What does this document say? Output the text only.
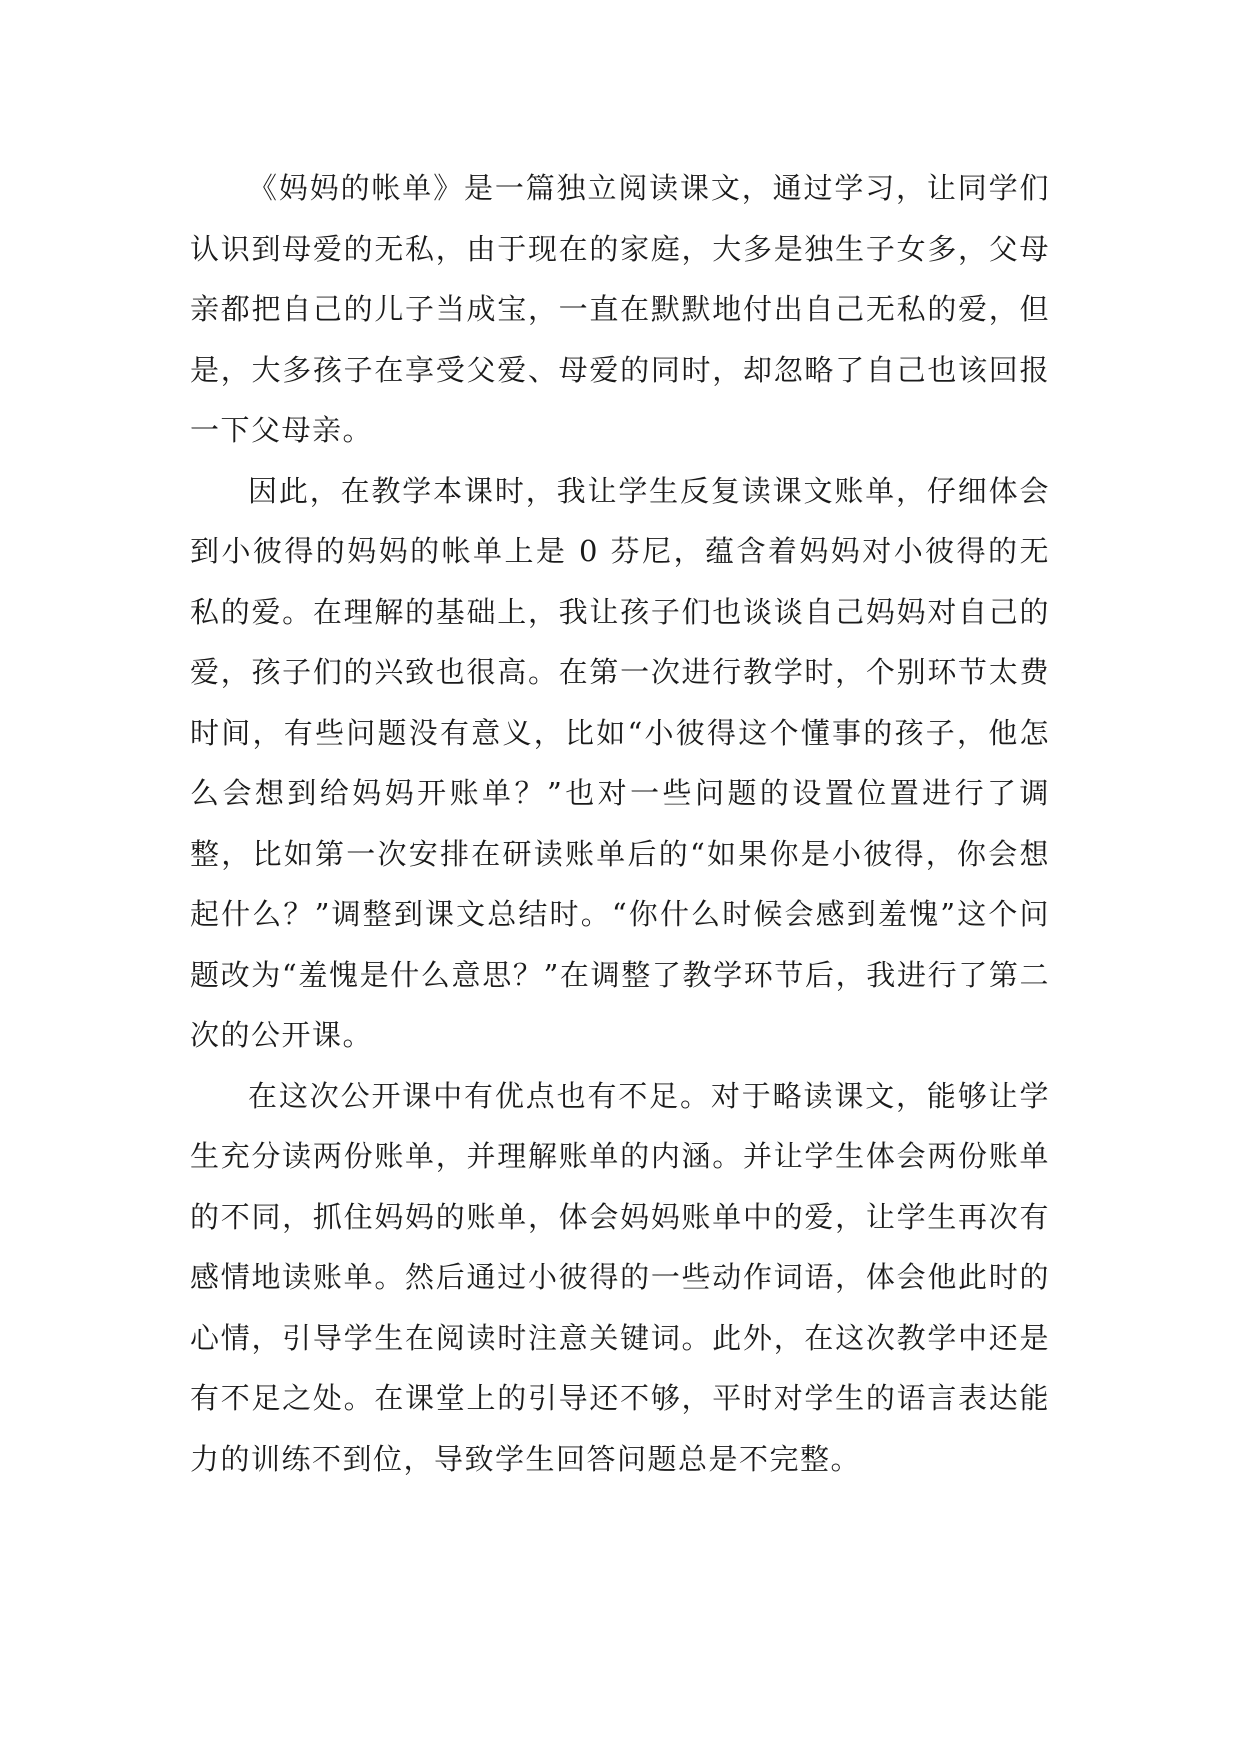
《妈妈的帐单》是一篇独立阅读课文，通过学习，让同学们认识到母爱的无私，由于现在的家庭，大多是独生子女多，父母亲都把自己的儿子当成宝，一直在默默地付出自己无私的爱，但是，大多孩子在享受父爱、母爱的同时，却忽略了自己也该回报一下父母亲。

因此，在教学本课时，我让学生反复读课文账单，仔细体会到小彼得的妈妈的帐单上是 0 芬尼，蕴含着妈妈对小彼得的无私的爱。在理解的基础上，我让孩子们也谈谈自己妈妈对自己的爱，孩子们的兴致也很高。在第一次进行教学时，个别环节太费时间，有些问题没有意义，比如“小彼得这个懂事的孩子，他怎么会想到给妈妈开账单？”也对一些问题的设置位置进行了调整，比如第一次安排在研读账单后的“如果你是小彼得，你会想起什么？”调整到课文总结时。“你什么时候会感到羞愧”这个问题改为“羞愧是什么意思？”在调整了教学环节后，我进行了第二次的公开课。

在这次公开课中有优点也有不足。对于略读课文，能够让学生充分读两份账单，并理解账单的内涵。并让学生体会两份账单的不同，抓住妈妈的账单，体会妈妈账单中的爱，让学生再次有感情地读账单。然后通过小彼得的一些动作词语，体会他此时的心情，引导学生在阅读时注意关键词。此外，在这次教学中还是有不足之处。在课堂上的引导还不够，平时对学生的语言表达能力的训练不到位，导致学生回答问题总是不完整。
